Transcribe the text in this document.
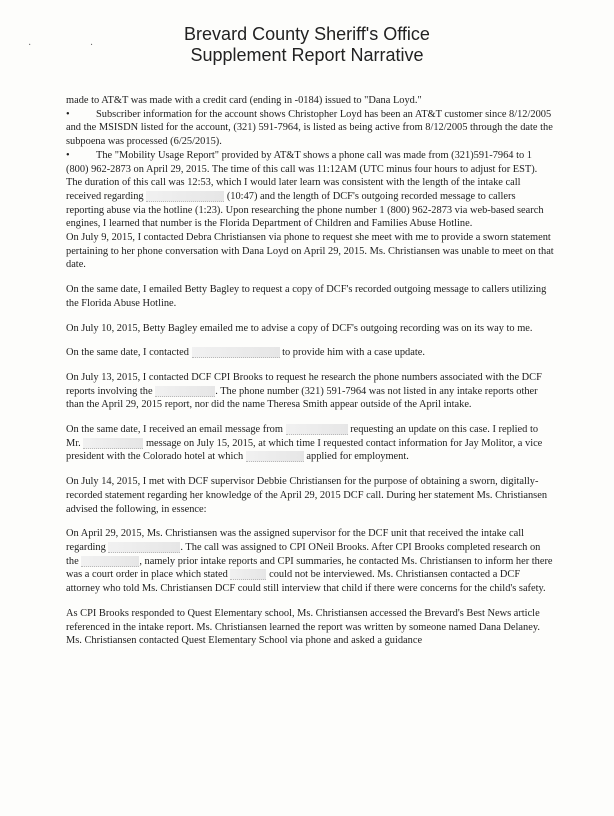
· ·
Brevard County Sheriff's Office
Supplement Report Narrative

made to AT&T was made with a credit card (ending in -0184) issued to "Dana Loyd."

•	Subscriber information for the account shows Christopher Loyd has been an AT&T customer since 8/12/2005 and the MSISDN listed for the account, (321) 591-7964, is listed as being active from 8/12/2005 through the date the subpoena was processed (6/25/2015).

•	The "Mobility Usage Report" provided by AT&T shows a phone call was made from (321)591-7964 to 1 (800) 962-2873 on April 29, 2015. The time of this call was 11:12AM (UTC minus four hours to adjust for EST). The duration of this call was 12:53, which I would later learn was consistent with the length of the intake call received regarding	(10:47) and the length of DCF's outgoing recorded message to callers reporting abuse via the hotline (1:23). Upon researching the phone number 1 (800) 962-2873 via web-based search engines, I learned that number is the Florida Department of Children and Families Abuse Hotline.

On July 9, 2015, I contacted Debra Christiansen via phone to request she meet with me to provide a sworn statement pertaining to her phone conversation with Dana Loyd on April 29, 2015. Ms. Christiansen was unable to meet on that date.

On the same date, I emailed Betty Bagley to request a copy of DCF's recorded outgoing message to callers utilizing the Florida Abuse Hotline.

On July 10, 2015, Betty Bagley emailed me to advise a copy of DCF's outgoing recording was on its way to me.

On the same date, I contacted	to provide him with a case update.

On July 13, 2015, I contacted DCF CPI Brooks to request he research the phone numbers associated with the DCF reports involving the	. The phone number (321) 591-7964 was not listed in any intake reports other than the April 29, 2015 report, nor did the name Theresa Smith appear outside of the April intake.

On the same date, I received an email message from	requesting an update on this case. I replied to Mr.	message on July 15, 2015, at which time I requested contact information for Jay Molitor, a vice president with the Colorado hotel at which	applied for employment.

On July 14, 2015, I met with DCF supervisor Debbie Christiansen for the purpose of obtaining a sworn, digitally-recorded statement regarding her knowledge of the April 29, 2015 DCF call. During her statement Ms. Christiansen advised the following, in essence:

On April 29, 2015, Ms. Christiansen was the assigned supervisor for the DCF unit that received the intake call regarding	. The call was assigned to CPI ONeil Brooks. After CPI Brooks completed research on the	, namely prior intake reports and CPI summaries, he contacted Ms. Christiansen to inform her there was a court order in place which stated	could not be interviewed. Ms. Christiansen contacted a DCF attorney who told Ms. Christiansen DCF could still interview that child if there were concerns for the child's safety.

As CPI Brooks responded to Quest Elementary school, Ms. Christiansen accessed the Brevard's Best News article referenced in the intake report. Ms. Christiansen learned the report was written by someone named Dana Delaney. Ms. Christiansen contacted Quest Elementary School via phone and asked a guidance
